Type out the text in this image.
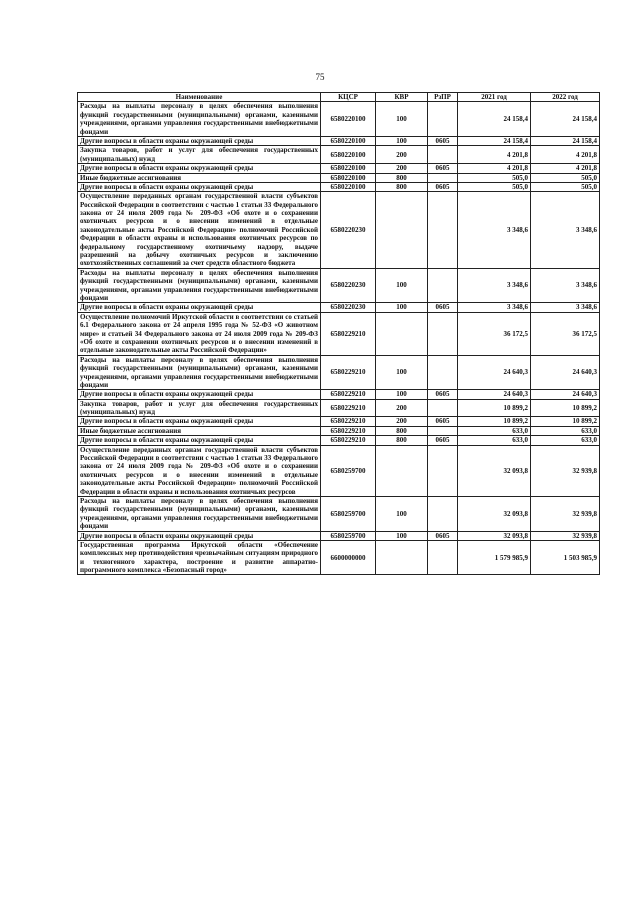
75
Наименование	КЦСР	КВР	РзПР	2021 год	2022 год
Расходы на выплаты персоналу в целях обеспечения выполнения функций государственными (муниципальными) органами, казенными учреждениями, органами управления государственными внебюджетными фондами	6580220100	100		24 158,4	24 158,4
Другие вопросы в области охраны окружающей среды	6580220100	100	0605	24 158,4	24 158,4
Закупка товаров, работ и услуг для обеспечения государственных (муниципальных) нужд	6580220100	200		4 201,8	4 201,8
Другие вопросы в области охраны окружающей среды	6580220100	200	0605	4 201,8	4 201,8
Иные бюджетные ассигнования	6580220100	800		505,0	505,0
Другие вопросы в области охраны окружающей среды	6580220100	800	0605	505,0	505,0
Осуществление переданных органам государственной власти субъектов Российской Федерации в соответствии с частью 1 статьи 33 Федерального закона от 24 июля 2009 года № 209-ФЗ «Об охоте и о сохранении охотничьих ресурсов и о внесении изменений в отдельные законодательные акты Российской Федерации» полномочий Российской Федерации в области охраны и использования охотничьих ресурсов по федеральному государственному охотничьему надзору, выдаче разрешений на добычу охотничьих ресурсов и заключению охотхозяйственных соглашений за счет средств областного бюджета	6580220230			3 348,6	3 348,6
Расходы на выплаты персоналу в целях обеспечения выполнения функций государственными (муниципальными) органами, казенными учреждениями, органами управления государственными внебюджетными фондами	6580220230	100		3 348,6	3 348,6
Другие вопросы в области охраны окружающей среды	6580220230	100	0605	3 348,6	3 348,6
Осуществление полномочий Иркутской области в соответствии со статьей 6.1 Федерального закона от 24 апреля 1995 года № 52-ФЗ «О животном мире» и статьей 34 Федерального закона от 24 июля 2009 года № 209-ФЗ «Об охоте и сохранении охотничьих ресурсов и о внесении изменений в отдельные законодательные акты Российской Федерации»	6580229210			36 172,5	36 172,5
Расходы на выплаты персоналу в целях обеспечения выполнения функций государственными (муниципальными) органами, казенными учреждениями, органами управления государственными внебюджетными фондами	6580229210	100		24 640,3	24 640,3
Другие вопросы в области охраны окружающей среды	6580229210	100	0605	24 640,3	24 640,3
Закупка товаров, работ и услуг для обеспечения государственных (муниципальных) нужд	6580229210	200		10 899,2	10 899,2
Другие вопросы в области охраны окружающей среды	6580229210	200	0605	10 899,2	10 899,2
Иные бюджетные ассигнования	6580229210	800		633,0	633,0
Другие вопросы в области охраны окружающей среды	6580229210	800	0605	633,0	633,0
Осуществление переданных органам государственной власти субъектов Российской Федерации в соответствии с частью 1 статьи 33 Федерального закона от 24 июля 2009 года № 209-ФЗ «Об охоте и о сохранении охотничьих ресурсов и о внесении изменений в отдельные законодательные акты Российской Федерации» полномочий Российской Федерации в области охраны и использования охотничьих ресурсов	6580259700			32 093,8	32 939,8
Расходы на выплаты персоналу в целях обеспечения выполнения функций государственными (муниципальными) органами, казенными учреждениями, органами управления государственными внебюджетными фондами	6580259700	100		32 093,8	32 939,8
Другие вопросы в области охраны окружающей среды	6580259700	100	0605	32 093,8	32 939,8
Государственная программа Иркутской области «Обеспечение комплексных мер противодействия чрезвычайным ситуациям природного и техногенного характера, построение и развитие аппаратно-программного комплекса «Безопасный город»	6600000000			1 579 985,9	1 503 985,9
